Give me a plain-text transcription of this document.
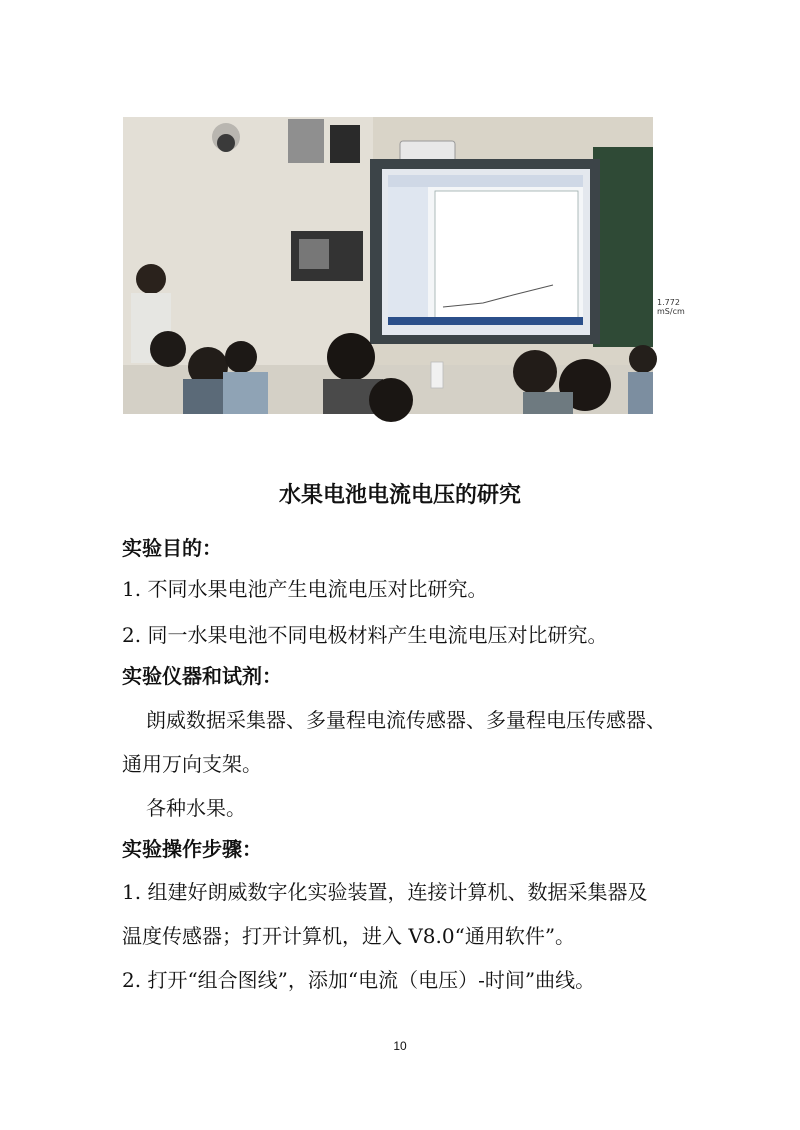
1.772 mS/cm
水果电池电流电压的研究
实验目的：
1. 不同水果电池产生电流电压对比研究。
2. 同一水果电池不同电极材料产生电流电压对比研究。
实验仪器和试剂：
朗威数据采集器、多量程电流传感器、多量程电压传感器、
通用万向支架。
各种水果。
实验操作步骤：
1. 组建好朗威数字化实验装置，连接计算机、数据采集器及
温度传感器；打开计算机，进入 V8.0“通用软件”。
2. 打开“组合图线”，添加“电流（电压）-时间”曲线。
10
